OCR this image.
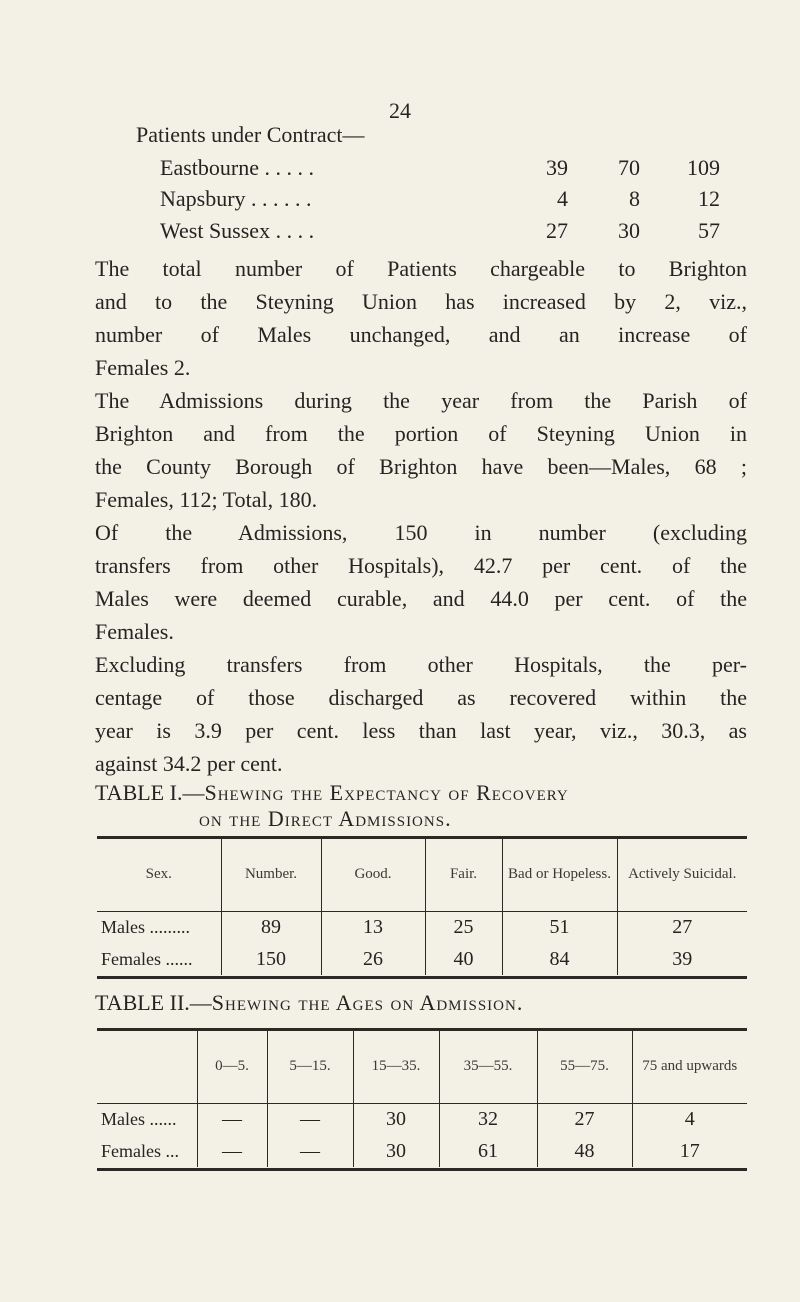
24
Patients under Contract—
Eastbourne . . . . .	39	70	109
Napsbury . . . . . .	4	8	12
West Sussex . . . .	27	30	57
The total number of Patients chargeable to Brighton
and to the Steyning Union has increased by 2, viz.,
number of Males unchanged, and an increase of
Females 2.
The Admissions during the year from the Parish of
Brighton and from the portion of Steyning Union in
the County Borough of Brighton have been—Males, 68 ;
Females, 112; Total, 180.
Of the Admissions, 150 in number (excluding
transfers from other Hospitals), 42.7 per cent. of the
Males were deemed curable, and 44.0 per cent. of the
Females.
Excluding transfers from other Hospitals, the per-
centage of those discharged as recovered within the
year is 3.9 per cent. less than last year, viz., 30.3, as
against 34.2 per cent.
TABLE I.—Shewing the Expectancy of Recovery
on the Direct Admissions.
Sex.	Number.	Good.	Fair.	Bad or Hopeless.	Actively Suicidal.
Males .........	89	13	25	51	27
Females ......	150	26	40	84	39
TABLE II.—Shewing the Ages on Admission.
	0—5.	5—15.	15—35.	35—55.	55—75.	75 and upwards
Males ......	—	—	30	32	27	4
Females ...	—	—	30	61	48	17
